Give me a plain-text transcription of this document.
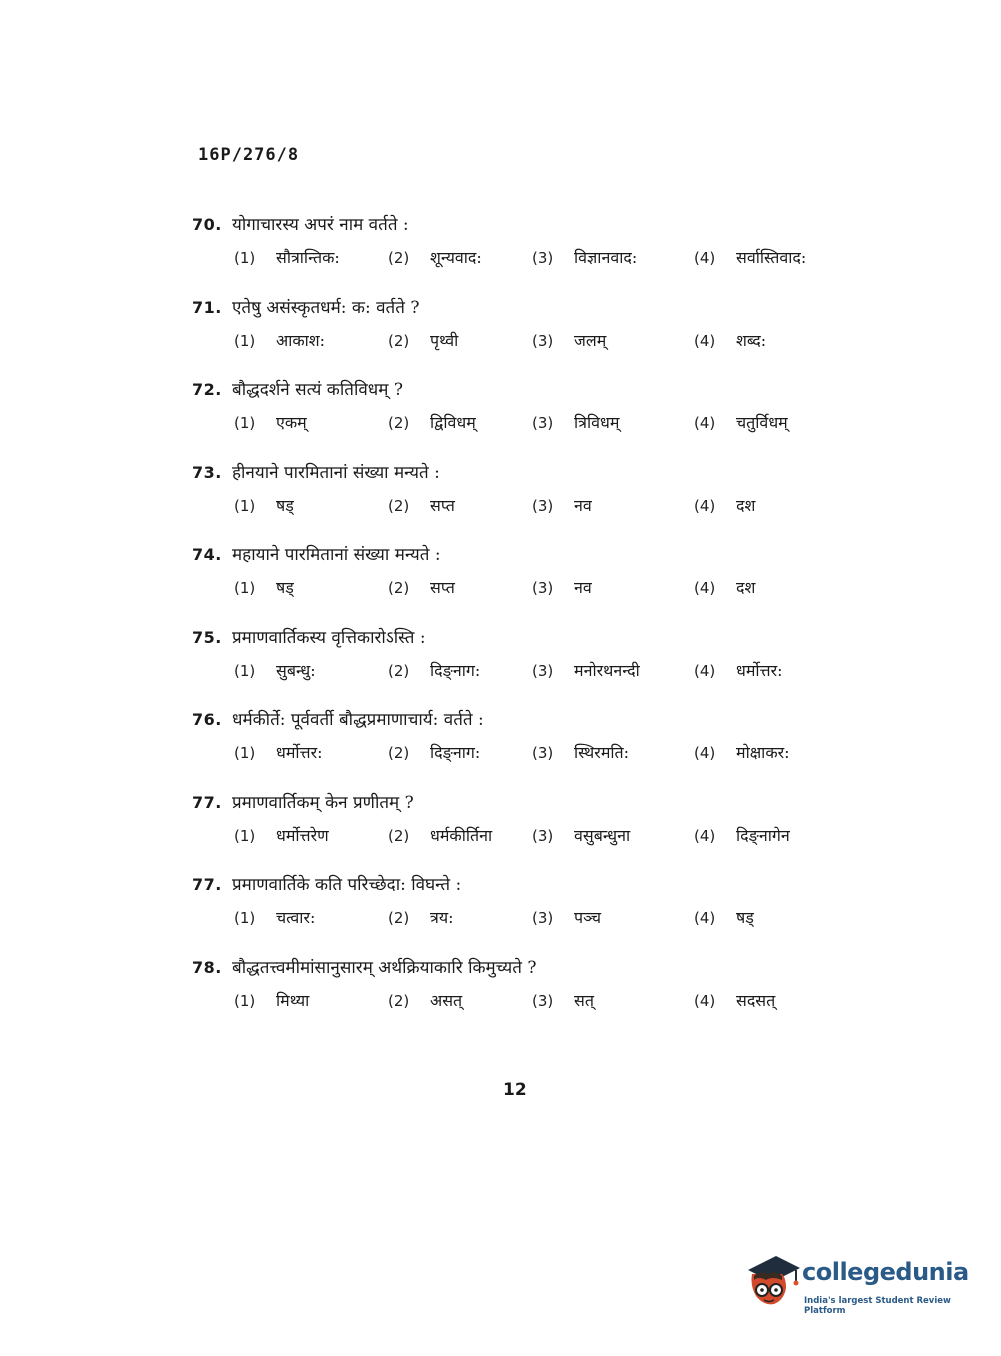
16P/276/8
70. योगाचारस्य अपरं नाम वर्तते :
(1) सौत्रान्तिक:	(2) शून्यवाद:	(3) विज्ञानवाद:	(4) सर्वास्तिवाद:
71. एतेषु असंस्कृतधर्म: क: वर्तते ?
(1) आकाश:	(2) पृथ्वी	(3) जलम्	(4) शब्द:
72. बौद्धदर्शने सत्यं कतिविधम् ?
(1) एकम्	(2) द्विविधम्	(3) त्रिविधम्	(4) चतुर्विधम्
73. हीनयाने पारमितानां संख्या मन्यते :
(1) षड्	(2) सप्त	(3) नव	(4) दश
74. महायाने पारमितानां संख्या मन्यते :
(1) षड्	(2) सप्त	(3) नव	(4) दश
75. प्रमाणवार्तिकस्य वृत्तिकारोऽस्ति :
(1) सुबन्धु:	(2) दिङ्नाग:	(3) मनोरथनन्दी	(4) धर्मोत्तर:
76. धर्मकीर्ते: पूर्ववर्ती बौद्धप्रमाणाचार्य: वर्तते :
(1) धर्मोत्तर:	(2) दिङ्नाग:	(3) स्थिरमति:	(4) मोक्षाकर:
77. प्रमाणवार्तिकम् केन प्रणीतम् ?
(1) धर्मोत्तरेण	(2) धर्मकीर्तिना	(3) वसुबन्धुना	(4) दिङ्नागेन
77. प्रमाणवार्तिके कति परिच्छेदा: विघन्ते :
(1) चत्वार:	(2) त्रय:	(3) पञ्च	(4) षड्
78. बौद्धतत्त्वमीमांसानुसारम् अर्थक्रियाकारि किमुच्यते ?
(1) मिथ्या	(2) असत्	(3) सत्	(4) सदसत्
12
collegedunia
India's largest Student Review Platform
